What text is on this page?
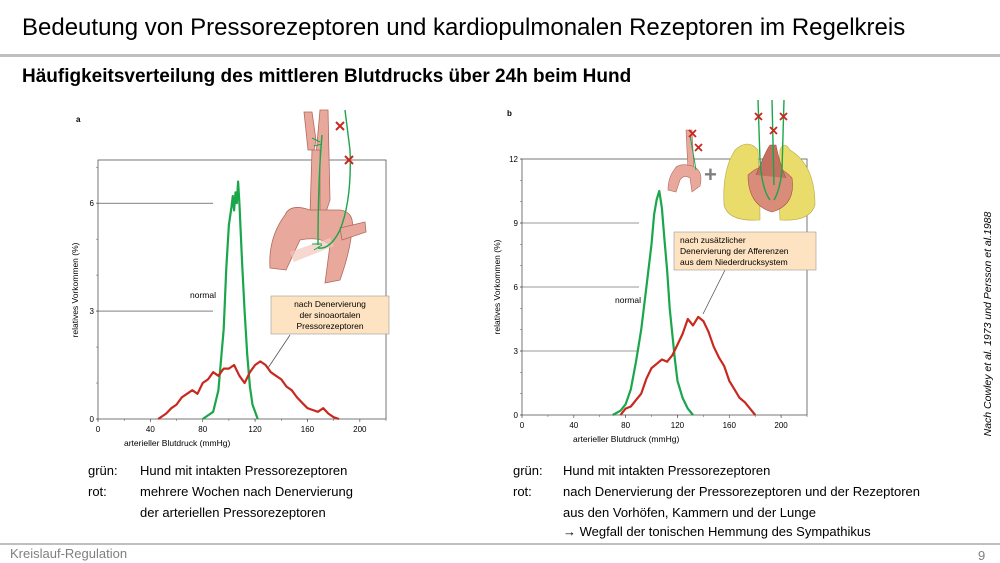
Bedeutung von Pressorezeptoren und kardiopulmonalen Rezeptoren im Regelkreis
Häufigkeitsverteilung des mittleren Blutdrucks über 24h beim Hund
a
0
3
6
0	40	80	120	160	200
arterieller Blutdruck (mmHg)
relatives Vorkommen (%)	normal
nach Denervierung
der sinoaortalen
Pressorezeptoren
b
0
3
6
9
12
0	40	80	120	160	200
arterieller Blutdruck (mmHg)
relatives Vorkommen (%)	normal
+
nach zusätzlicher
Denervierung der Afferenzen
aus dem Niederdrucksystem
grün: Hund mit intakten Pressorezeptoren
rot:	mehrere Wochen nach Denervierung
der arteriellen Pressorezeptoren
grün: Hund mit intakten Pressorezeptoren
rot: nach Denervierung der Pressorezeptoren und der Rezeptoren
aus den Vorhöfen, Kammern und der Lunge
→ Wegfall der tonischen Hemmung des Sympathikus
Nach Cowley et al. 1973 und Persson et al.1988
Kreislauf-Regulation	9
